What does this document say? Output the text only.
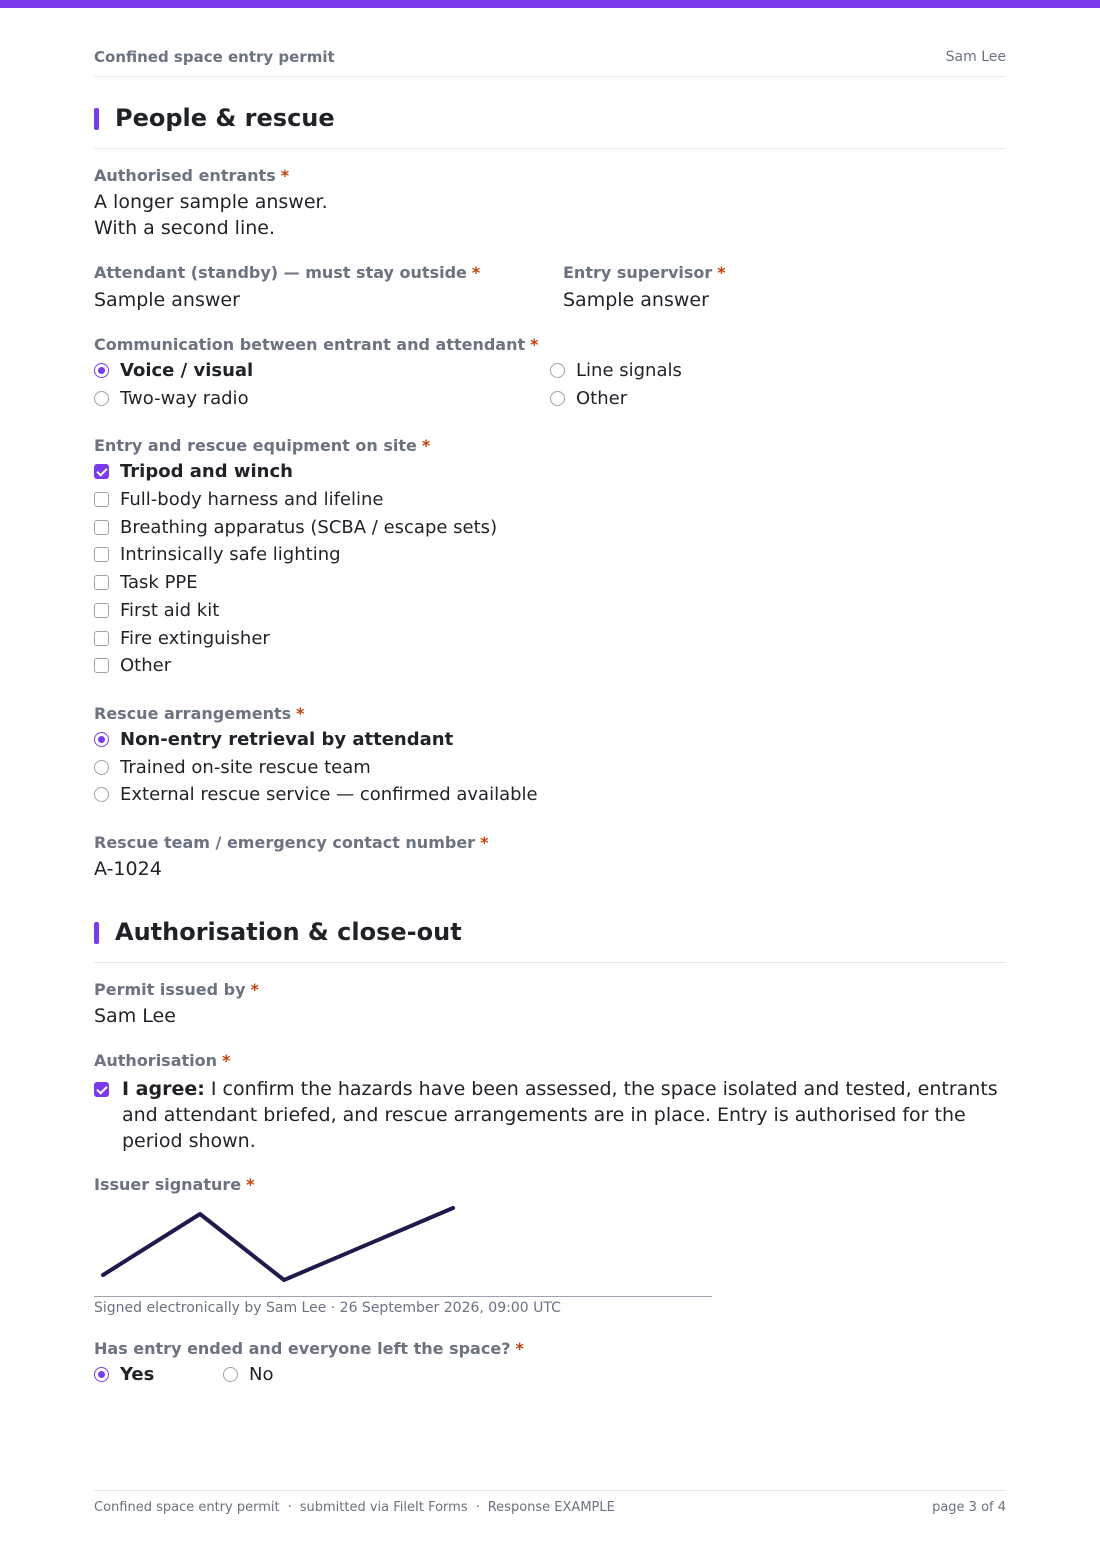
Confined space entry permit	Sam Lee
People & rescue
Authorised entrants *
A longer sample answer.
With a second line.
Attendant (standby) — must stay outside *
Sample answer
Entry supervisor *
Sample answer
Communication between entrant and attendant *
Voice / visual	Line signals
Two-way radio	Other
Entry and rescue equipment on site *
Tripod and winch
Full-body harness and lifeline
Breathing apparatus (SCBA / escape sets)
Intrinsically safe lighting
Task PPE
First aid kit
Fire extinguisher
Other
Rescue arrangements *
Non-entry retrieval by attendant
Trained on-site rescue team
External rescue service — confirmed available
Rescue team / emergency contact number *
A-1024
Authorisation & close-out
Permit issued by *
Sam Lee
Authorisation *
I agree: I confirm the hazards have been assessed, the space isolated and tested, entrants and attendant briefed, and rescue arrangements are in place. Entry is authorised for the period shown.
Issuer signature *
Signed electronically by Sam Lee · 26 September 2026, 09:00 UTC
Has entry ended and everyone left the space? *
Yes	No
Confined space entry permit · submitted via FileIt Forms · Response EXAMPLE	page 3 of 4
